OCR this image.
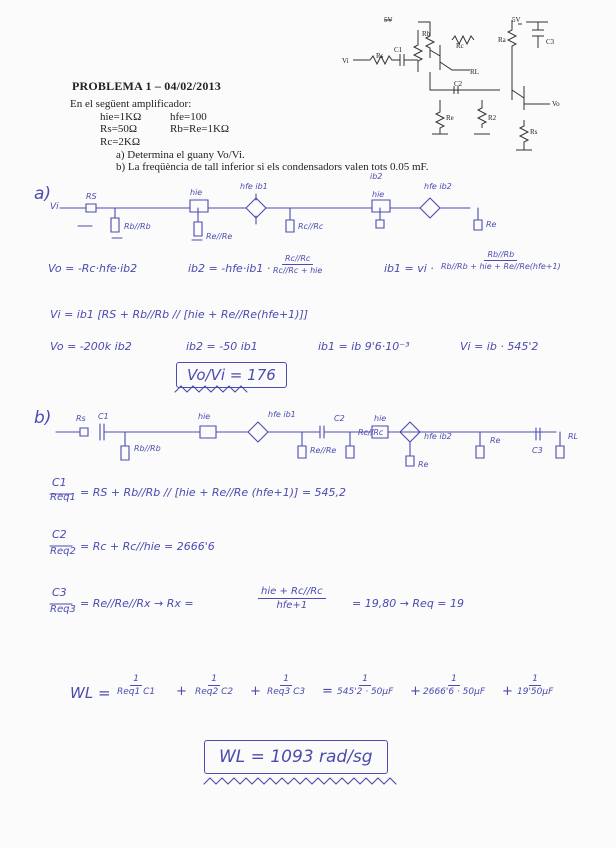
PROBLEMA 1 – 04/02/2013
En el següent amplificador:
hie=1KΩ	hfe=100
Rs=50Ω	Rb=Re=1KΩ
Rc=2KΩ
a) Determina el guany Vo/Vi.
b) La freqüència de tall inferior si els condensadors valen tots 0.05 mF.
5V
Rb
Rs
Vi
C1	Rc
RL
Re
C2
R2
5V
C3
Ra
Vo
Rs
a)
Vi
RS
Rb//Rb
hie
hfe ib1
Re//Re
Rc//Rc
ib2
hie
hfe ib2
Re
Vo = -Rc·hfe·ib2	ib2 = -hfe·ib1 ·
Rc//Rc
Rc//Rc + hie	ib1 = vi ·
Rb//Rb
Rb//Rb + hie + Re//Re(hfe+1)
Vi = ib1 [RS + Rb//Rb // [hie + Re//Re(hfe+1)]]
Vo = -200k ib2	ib2 = -50 ib1	ib1 = ib 9'6·10⁻³	Vi = ib · 545'2
Vo/Vi = 176
b)	Rs C1
Rb//Rb
hie	hfe ib1
Re//Re
C2	hie
Rc//Rc	hfe ib2
Re
Re
C3
RL
C1
Req1 = RS + Rb//Rb // [hie + Re//Re (hfe+1)] = 545,2
C2
Req2 = Rc + Rc//hie = 2666'6
C3
Req3 = Re//Re//Rx → Rx =
hie + Rc//Rc
hfe+1	= 19,80 → Req = 19
WL =
1
Req1 C1 +
1
Req2 C2 +
1
Req3 $C3 = \frac{1}{545'2 \cdot 50\mu F} + \frac{1}{2666'6 \cdot 50\mu F} + \frac{1}{19'50\mu F}$
WL = 1093 rad/sg
